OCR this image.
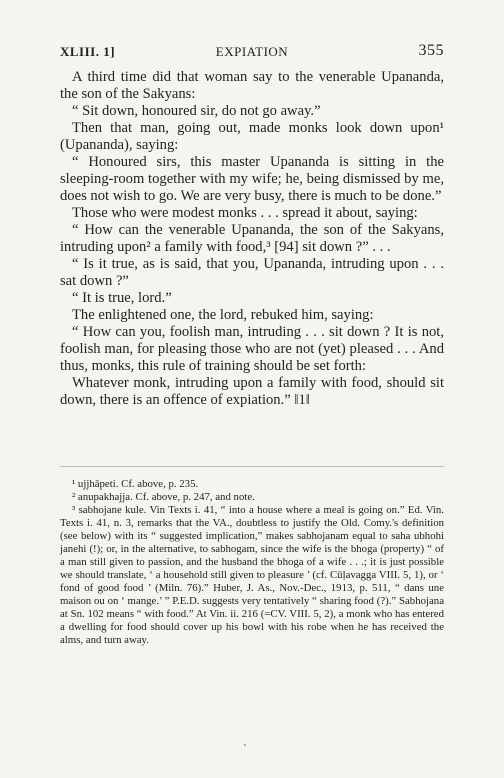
XLIII. 1]	EXPIATION	355

A third time did that woman say to the venerable Upananda, the son of the Sakyans:

“ Sit down, honoured sir, do not go away.”

Then that man, going out, made monks look down upon¹ (Upananda), saying:

“ Honoured sirs, this master Upananda is sitting in the sleeping-room together with my wife; he, being dismissed by me, does not wish to go. We are very busy, there is much to be done.”

Those who were modest monks . . . spread it about, saying:

“ How can the venerable Upananda, the son of the Sakyans, intruding upon² a family with food,³ [94] sit down ?” . . .

“ Is it true, as is said, that you, Upananda, intruding upon . . . sat down ?”

“ It is true, lord.”

The enlightened one, the lord, rebuked him, saying:

“ How can you, foolish man, intruding . . . sit down ? It is not, foolish man, for pleasing those who are not (yet) pleased . . . And thus, monks, this rule of training should be set forth:

Whatever monk, intruding upon a family with food, should sit down, there is an offence of expiation.” ‖1‖

¹ ujjhāpeti. Cf. above, p. 235.

² anupakhajja. Cf. above, p. 247, and note.

³ sabhojane kule. Vin Texts i. 41, “ into a house where a meal is going on.” Ed. Vin. Texts i. 41, n. 3, remarks that the VA., doubtless to justify the Old. Comy.'s definition (see below) with its “ suggested implication,” makes sabhojanam equal to saha ubhohi janehi (!); or, in the alternative, to sabhogam, since the wife is the bhoga (property) “ of a man still given to passion, and the husband the bhoga of a wife . . .; it is just possible we should translate, ‘ a household still given to pleasure ’ (cf. Cūḷavagga VIII. 5, 1), or ‘ fond of good food ’ (Miln. 76).” Huber, J. As., Nov.-Dec., 1913, p. 511, “ dans une maison ou on ‘ mange.’ ” P.E.D. suggests very tentatively “ sharing food (?).” Sabhojana at Sn. 102 means “ with food.” At Vin. ii. 216 (=CV. VIII. 5, 2), a monk who has entered a dwelling for food should cover up his bowl with his robe when he has received the alms, and turn away.
